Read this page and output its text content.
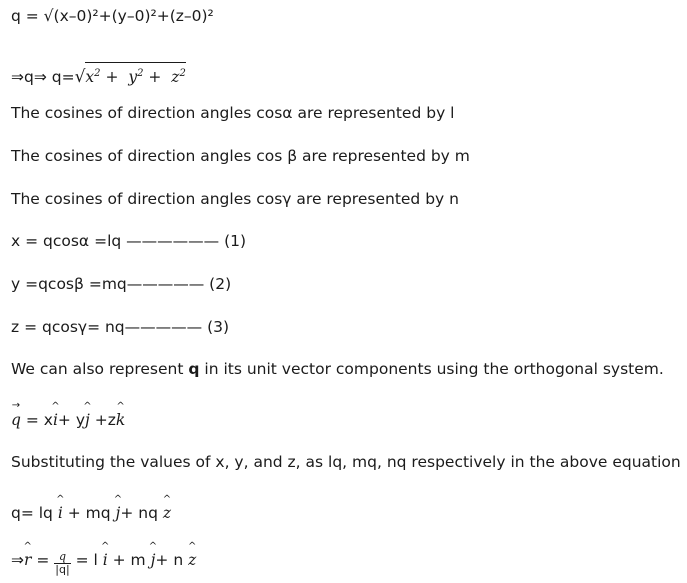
q = √(x–0)²+(y–0)²+(z–0)²
⇒q⇒ $q=√x^2 + y^2 + z^2$
The cosines of direction angles cosα are represented by l
The cosines of direction angles cos β are represented by m
The cosines of direction angles cosγ are represented by n
x = qcosα =lq —————— (1)
y =qcosβ =mq————— (2)
z = qcosγ= nq————— (3)
We can also represent q in its unit vector components using the orthogonal system.
→ q = x^ i+ y^ j +z^ k
Substituting the values of x, y, and z, as lq, mq, nq respectively in the above equation
q= lq ^ i + mq ^ j+ nq ^ z
⇒^ $r = \frac{q}{|q|} = l$ ^ i + m ^ j+ n ^ z
